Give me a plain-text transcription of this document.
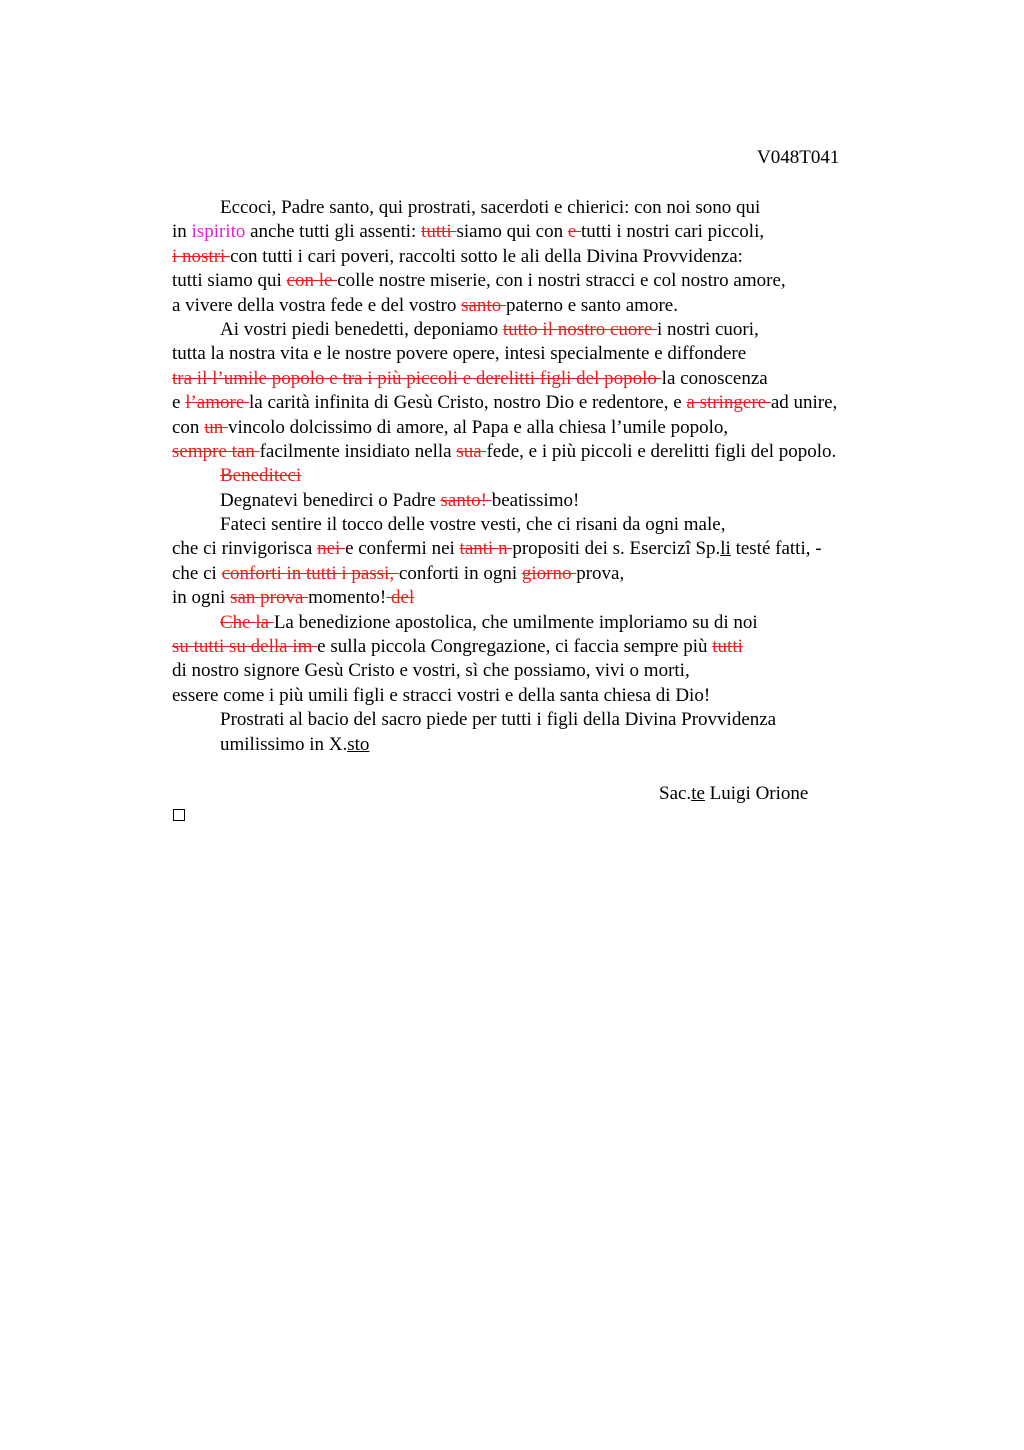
V048T041
Eccoci, Padre santo, qui prostrati, sacerdoti e chierici: con noi sono qui
in ispirito anche tutti gli assenti: tutti siamo qui con e tutti i nostri cari piccoli,
i nostri con tutti i cari poveri, raccolti sotto le ali della Divina Provvidenza:
tutti siamo qui con le colle nostre miserie, con i nostri stracci e col nostro amore,
a vivere della vostra fede e del vostro santo paterno e santo amore.
Ai vostri piedi benedetti, deponiamo tutto il nostro cuore i nostri cuori,
tutta la nostra vita e le nostre povere opere, intesi specialmente e diffondere
tra il l’umile popolo e tra i più piccoli e derelitti figli del popolo la conoscenza
e l’amore la carità infinita di Gesù Cristo, nostro Dio e redentore, e a stringere ad unire,
con un vincolo dolcissimo di amore, al Papa e alla chiesa l’umile popolo,
sempre tan facilmente insidiato nella sua fede, e i più piccoli e derelitti figli del popolo.
Benediteci
Degnatevi benedirci o Padre santo! beatissimo!
Fateci sentire il tocco delle vostre vesti, che ci risani da ogni male,
che ci rinvigorisca nei e confermi nei tanti n propositi dei s. Esercizi Sp.li testé fatti, -
che ci conforti in tutti i passi, conforti in ogni giorno prova,
in ogni san prova momento! del
Che la La benedizione apostolica, che umilmente imploriamo su di noi
su tutti su della im e sulla piccola Congregazione, ci faccia sempre più tutti
di nostro signore Gesù Cristo e vostri, sì che possiamo, vivi o morti,
essere come i più umili figli e stracci vostri e della santa chiesa di Dio!
Prostrati al bacio del sacro piede per tutti i figli della Divina Provvidenza
umilissimo in X.sto
Sac.te Luigi Orione
